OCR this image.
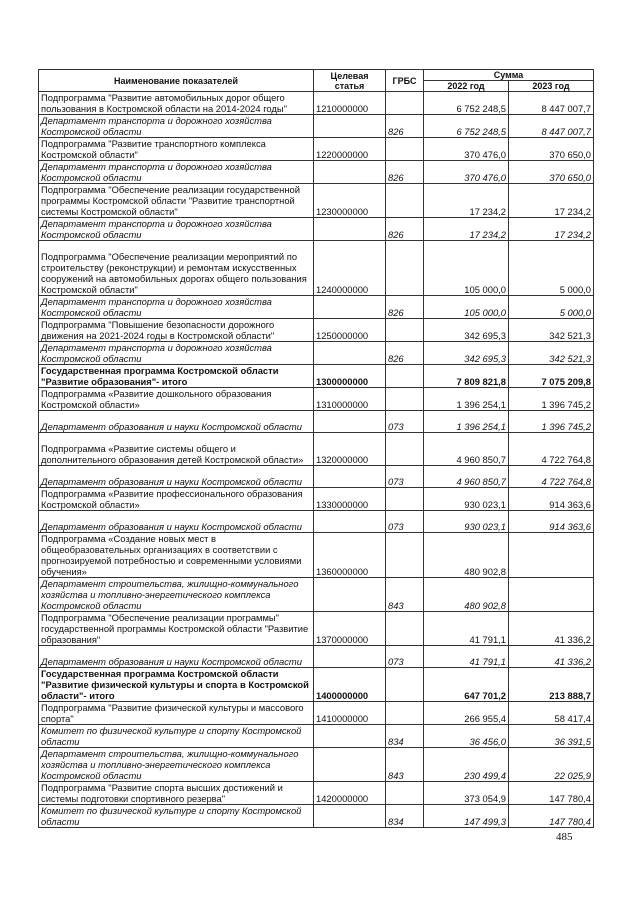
Наименование показателей	Целевая статья	ГРБС	Сумма	
			2022 год	2023 год
Подпрограмма "Развитие автомобильных дорог общего пользования в Костромской области на 2014-2024 годы"	1210000000		6 752 248,5	8 447 007,7
Департамент транспорта и дорожного хозяйства Костромской области		826	6 752 248,5	8 447 007,7
Подпрограмма "Развитие транспортного комплекса Костромской области"	1220000000		370 476,0	370 650,0
Департамент транспорта и дорожного хозяйства Костромской области		826	370 476,0	370 650,0
Подпрограмма "Обеспечение реализации государственной программы Костромской области "Развитие транспортной системы Костромской области"	1230000000		17 234,2	17 234,2
Департамент транспорта и дорожного хозяйства Костромской области		826	17 234,2	17 234,2
Подпрограмма "Обеспечение реализации мероприятий по строительству (реконструкции) и ремонтам искусственных сооружений на автомобильных дорогах общего пользования Костромской области"	1240000000		105 000,0	5 000,0
Департамент транспорта и дорожного хозяйства Костромской области		826	105 000,0	5 000,0
Подпрограмма "Повышение безопасности дорожного движения на 2021-2024 годы в Костромской области"	1250000000		342 695,3	342 521,3
Департамент транспорта и дорожного хозяйства Костромской области		826	342 695,3	342 521,3
Государственная программа Костромской области "Развитие образования"- итого	1300000000		7 809 821,8	7 075 209,8
Подпрограмма «Развитие дошкольного образования Костромской области»	1310000000		1 396 254,1	1 396 745,2
Департамент образования и науки Костромской области		073	1 396 254,1	1 396 745,2
Подпрограмма «Развитие системы общего и дополнительного образования детей Костромской области»	1320000000		4 960 850,7	4 722 764,8
Департамент образования и науки Костромской области		073	4 960 850,7	4 722 764,8
Подпрограмма «Развитие профессионального образования Костромской области»	1330000000		930 023,1	914 363,6
Департамент образования и науки Костромской области		073	930 023,1	914 363,6
Подпрограмма «Создание новых мест в общеобразовательных организациях в соответствии с прогнозируемой потребностью и современными условиями обучения»	1360000000		480 902,8	
Департамент строительства, жилищно-коммунального хозяйства и топливно-энергетического комплекса Костромской области		843	480 902,8	
Подпрограмма "Обеспечение реализации программы" государственной программы Костромской области "Развитие образования"	1370000000		41 791,1	41 336,2
Департамент образования и науки Костромской области		073	41 791,1	41 336,2
Государственная программа Костромской области "Развитие физической культуры и спорта в Костромской области"- итого	1400000000		647 701,2	213 888,7
Подпрограмма "Развитие физической культуры и массового спорта"	1410000000		266 955,4	58 417,4
Комитет по физической культуре и спорту Костромской области		834	36 456,0	36 391,5
Департамент строительства, жилищно-коммунального хозяйства и топливно-энергетического комплекса Костромской области		843	230 499,4	22 025,9
Подпрограмма "Развитие спорта высших достижений и системы подготовки спортивного резерва"	1420000000		373 054,9	147 780,4
Комитет по физической культуре и спорту Костромской области		834	147 499,3	147 780,4
485
